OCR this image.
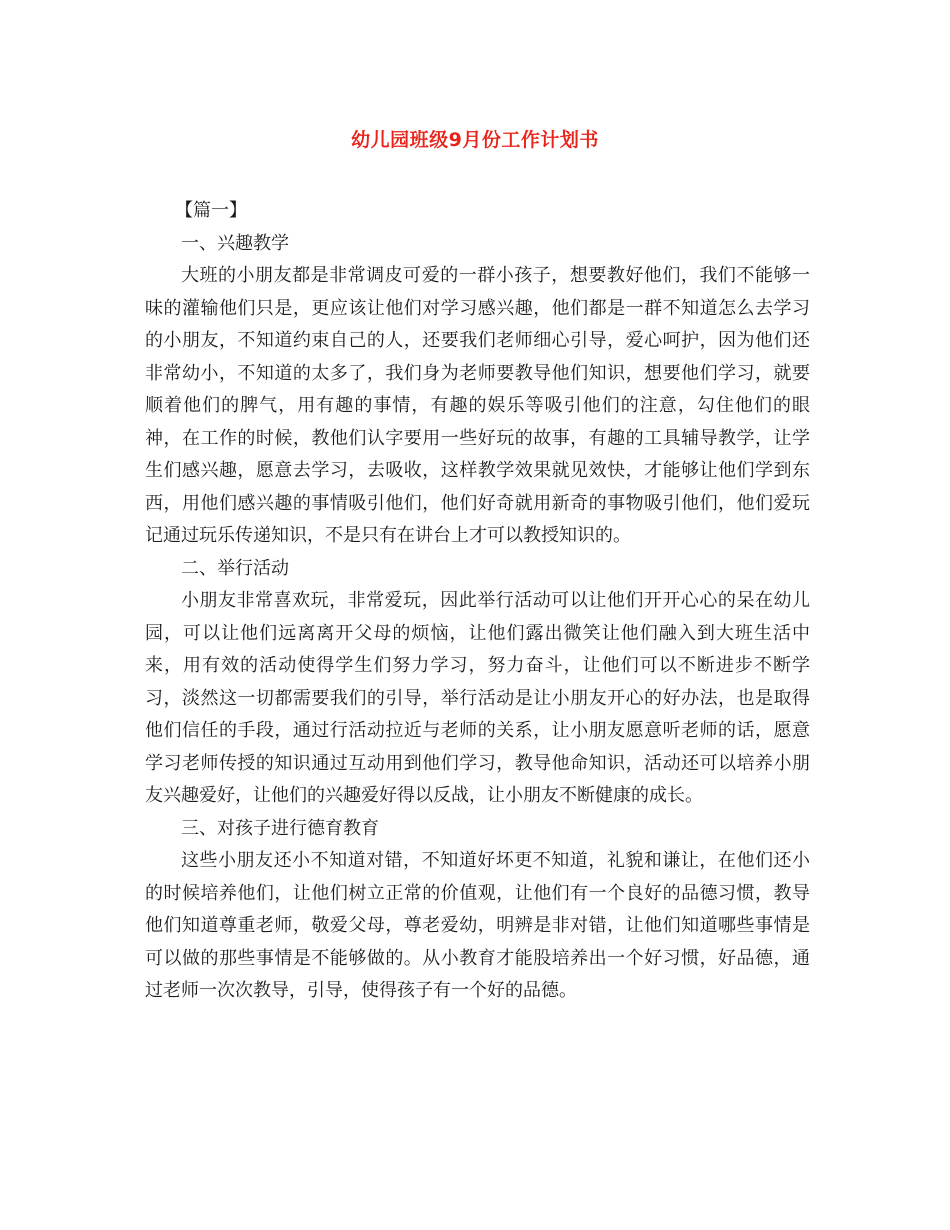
幼儿园班级9月份工作计划书

【篇一】

一、兴趣教学

大班的小朋友都是非常调皮可爱的一群小孩子，想要教好他们，我们不能够一味的灌输他们只是，更应该让他们对学习感兴趣，他们都是一群不知道怎么去学习的小朋友，不知道约束自己的人，还要我们老师细心引导，爱心呵护，因为他们还非常幼小，不知道的太多了，我们身为老师要教导他们知识，想要他们学习，就要顺着他们的脾气，用有趣的事情，有趣的娱乐等吸引他们的注意，勾住他们的眼神，在工作的时候，教他们认字要用一些好玩的故事，有趣的工具辅导教学，让学生们感兴趣，愿意去学习，去吸收，这样教学效果就见效快，才能够让他们学到东西，用他们感兴趣的事情吸引他们，他们好奇就用新奇的事物吸引他们，他们爱玩记通过玩乐传递知识，不是只有在讲台上才可以教授知识的。

二、举行活动

小朋友非常喜欢玩，非常爱玩，因此举行活动可以让他们开开心心的呆在幼儿园，可以让他们远离离开父母的烦恼，让他们露出微笑让他们融入到大班生活中来，用有效的活动使得学生们努力学习，努力奋斗，让他们可以不断进步不断学习，淡然这一切都需要我们的引导，举行活动是让小朋友开心的好办法，也是取得他们信任的手段，通过行活动拉近与老师的关系，让小朋友愿意听老师的话，愿意学习老师传授的知识通过互动用到他们学习，教导他命知识，活动还可以培养小朋友兴趣爱好，让他们的兴趣爱好得以反战，让小朋友不断健康的成长。

三、对孩子进行德育教育

这些小朋友还小不知道对错，不知道好坏更不知道，礼貌和谦让，在他们还小的时候培养他们，让他们树立正常的价值观，让他们有一个良好的品德习惯，教导他们知道尊重老师，敬爱父母，尊老爱幼，明辨是非对错，让他们知道哪些事情是可以做的那些事情是不能够做的。从小教育才能股培养出一个好习惯，好品德，通过老师一次次教导，引导，使得孩子有一个好的品德。
